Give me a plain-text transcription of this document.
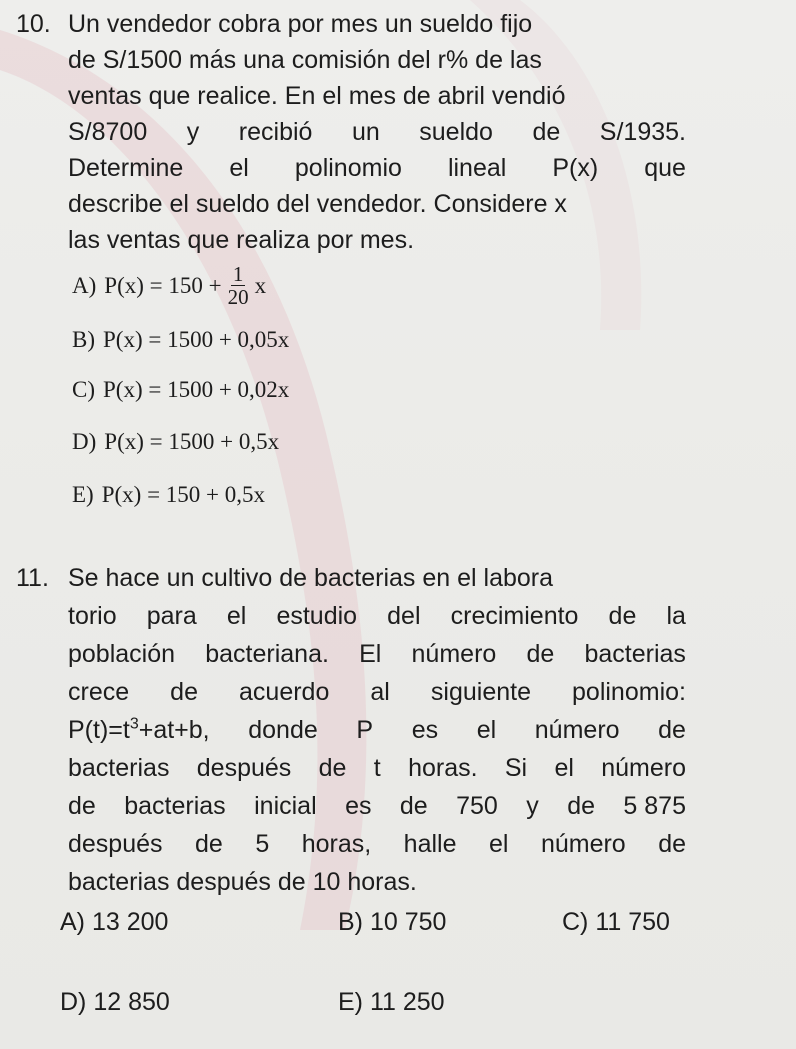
10. Un vendedor cobra por mes un sueldo fijo
de S/1500 más una comisión del r% de las
ventas que realice. En el mes de abril vendió
S/8700 y recibió un sueldo de S/1935.
Determine el polinomio lineal P(x) que
describe el sueldo del vendedor. Considere x
las ventas que realiza por mes.
A) $P(x) = 150 + \frac{1}{20}$ x
B) P(x) = 1500 + 0,05x
C) P(x) = 1500 + 0,02x
D) P(x) = 1500 + 0,5x
E) P(x) = 150 + 0,5x
11. Se hace un cultivo de bacterias en el labora
torio para el estudio del crecimiento de la
población bacteriana. El número de bacterias
crece de acuerdo al siguiente polinomio:
$P(t)=t^3+at+b$, donde P es el número de
bacterias después de t horas. Si el número
de bacterias inicial es de 750 y de 5 875
después de 5 horas, halle el número de
bacterias después de 10 horas.
A) 13 200	B) 10 750	C) 11 750
D) 12 850	E) 11 250
